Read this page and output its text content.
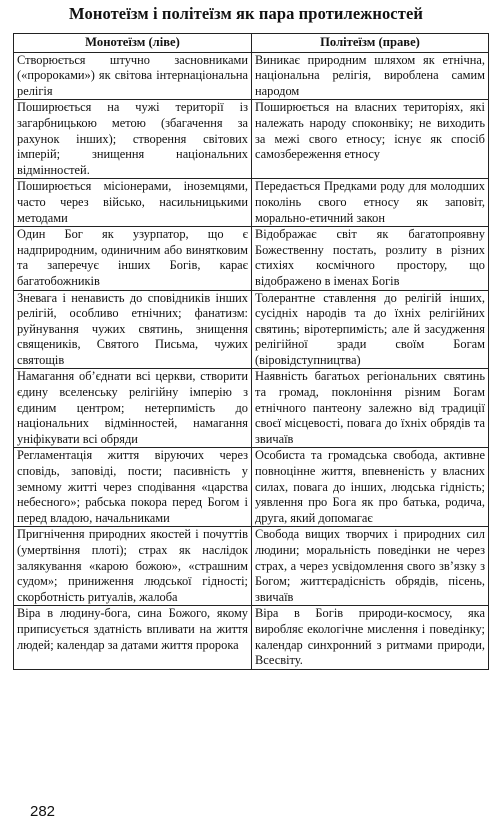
Монотеїзм і політеїзм як пара протилежностей
Монотеїзм (ліве)	Політеїзм (праве)
Створюється штучно засновниками («пророками») як світова інтернаціональна релігія	Виникає природним шляхом як етнічна, національна релігія, вироблена самим народом
Поширюється на чужі території із загарбницькою метою (збагачення за рахунок інших); створення світових імперій; знищення національних відмінностей.	Поширюється на власних територіях, які належать народу споконвіку; не виходить за межі свого етносу; існує як спосіб самозбереження етносу
Поширюється місіонерами, іноземцями, часто через військо, насильницькими методами	Передається Предками роду для молодших поколінь свого етносу як заповіт, морально-етичний закон
Один Бог як узурпатор, що є надприродним, одиничним або винятковим та заперечує інших Богів, карає багатобожників	Відображає світ як багатопроявну Божественну постать, розлиту в різних стихіях космічного простору, що відображено в іменах Богів
Зневага і ненависть до сповідників інших релігій, особливо етнічних; фанатизм: руйнування чужих святинь, знищення священиків, Святого Письма, чужих святощів	Толерантне ставлення до релігій інших, сусідніх народів та до їхніх релігійних святинь; віротерпимість; але й засудження релігійної зради своїм Богам (віровідступництва)
Намагання об’єднати всі церкви, створити єдину вселенську релігійну імперію з єдиним центром; нетерпимість до національних відмінностей, намагання уніфікувати всі обряди	Наявність багатьох регіональних святинь та громад, поклоніння різним Богам етнічного пантеону залежно від традиції своєї місцевості, повага до їхніх обрядів та звичаїв
Регламентація життя віруючих через сповідь, заповіді, пости; пасивність у земному житті через сподівання «царства небесного»; рабська покора перед Богом і перед владою, начальниками	Особиста та громадська свобода, активне повноцінне життя, впевненість у власних силах, повага до інших, людська гідність; уявлення про Бога як про батька, родича, друга, який допомагає
Пригнічення природних якостей і почуттів (умертвіння плоті); страх як наслідок залякування «карою божою», «страшним судом»; приниження людської гідності; скорботність ритуалів, жалоба	Свобода вищих творчих і природних сил людини; моральність поведінки не через страх, а через усвідомлення свого зв’язку з Богом; життєрадісність обрядів, пісень, звичаїв
Віра в людину-бога, сина Божого, якому приписується здатність впливати на життя людей; календар за датами життя пророка	Віра в Богів природи-космосу, яка виробляє екологічне мислення і поведінку; календар синхронний з ритмами природи, Всесвіту.
282
